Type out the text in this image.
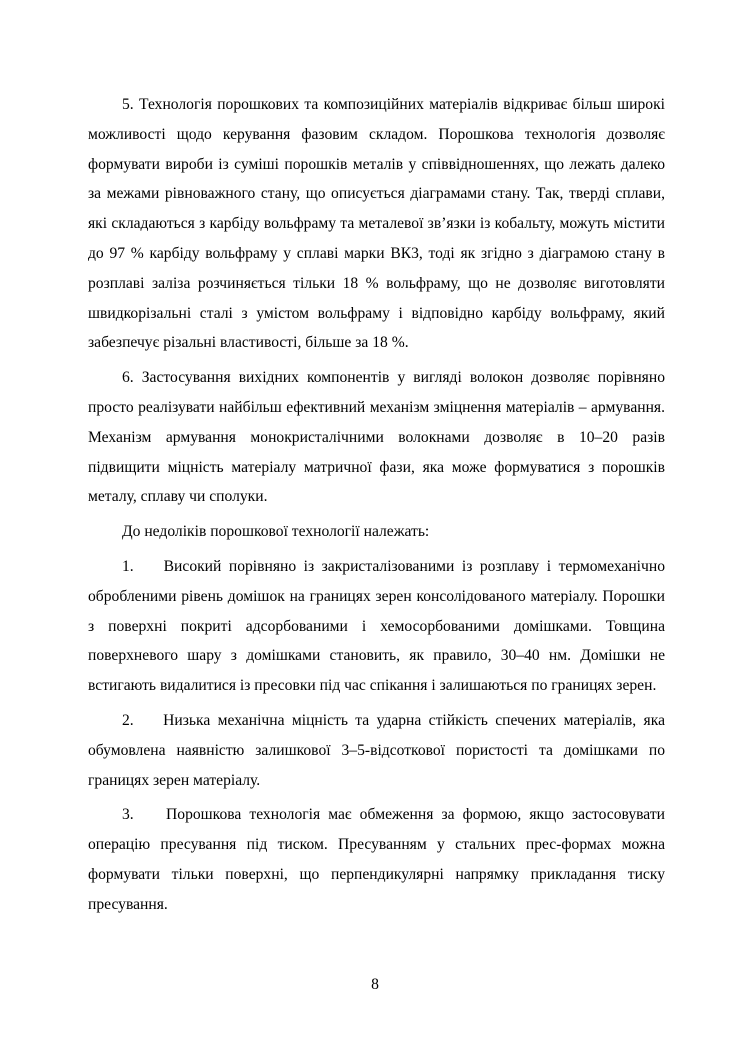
5. Технологія порошкових та композиційних матеріалів відкриває більш широкі можливості щодо керування фазовим складом. Порошкова технологія дозволяє формувати вироби із суміші порошків металів у співвідношеннях, що лежать далеко за межами рівноважного стану, що описується діаграмами стану. Так, тверді сплави, які складаються з карбіду вольфраму та металевої зв’язки із кобальту, можуть містити до 97 % карбіду вольфраму у сплаві марки ВК3, тоді як згідно з діаграмою стану в розплаві заліза розчиняється тільки 18 % вольфраму, що не дозволяє виготовляти швидкорізальні сталі з умістом вольфраму і відповідно карбіду вольфраму, який забезпечує різальні властивості, більше за 18 %.

6. Застосування вихідних компонентів у вигляді волокон дозволяє порівняно просто реалізувати найбільш ефективний механізм зміцнення матеріалів – армування. Механізм армування монокристалічними волокнами дозволяє в 10–20 разів підвищити міцність матеріалу матричної фази, яка може формуватися з порошків металу, сплаву чи сполуки.

До недоліків порошкової технології належать:

1.    Високий порівняно із закристалізованими із розплаву і термомеханічно обробленими рівень домішок на границях зерен консолідованого матеріалу. Порошки з поверхні покриті адсорбованими і хемосорбованими домішками. Товщина поверхневого шару з домішками становить, як правило, 30–40 нм. Домішки не встигають видалитися із пресовки під час спікання і залишаються по границях зерен.

2.    Низька механічна міцність та ударна стійкість спечених матеріалів, яка обумовлена наявністю залишкової 3–5-відсоткової пористості та домішками по границях зерен матеріалу.

3.    Порошкова технологія має обмеження за формою, якщо застосовувати операцію пресування під тиском. Пресуванням у стальних прес-формах можна формувати тільки поверхні, що перпендикулярні напрямку прикладання тиску пресування.

8
